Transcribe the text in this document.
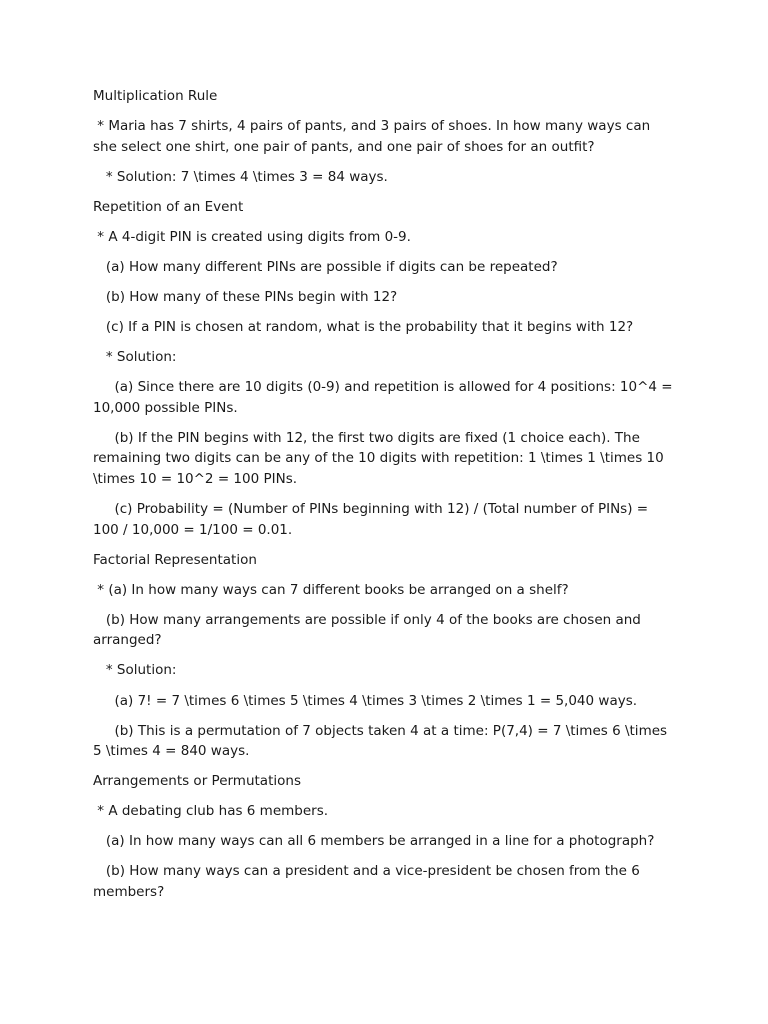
Multiplication Rule

* Maria has 7 shirts, 4 pairs of pants, and 3 pairs of shoes. In how many ways can she select one shirt, one pair of pants, and one pair of shoes for an outfit?

* Solution: 7 \times 4 \times 3 = 84 ways.

Repetition of an Event

* A 4-digit PIN is created using digits from 0-9.

(a) How many different PINs are possible if digits can be repeated?

(b) How many of these PINs begin with 12?

(c) If a PIN is chosen at random, what is the probability that it begins with 12?

* Solution:

(a) Since there are 10 digits (0-9) and repetition is allowed for 4 positions: 10^4 = 10,000 possible PINs.

(b) If the PIN begins with 12, the first two digits are fixed (1 choice each). The remaining two digits can be any of the 10 digits with repetition: 1 \times 1 \times 10 \times 10 = 10^2 = 100 PINs.

(c) Probability = (Number of PINs beginning with 12) / (Total number of PINs) = 100 / 10,000 = 1/100 = 0.01.

Factorial Representation

* (a) In how many ways can 7 different books be arranged on a shelf?

(b) How many arrangements are possible if only 4 of the books are chosen and arranged?

* Solution:

(a) 7! = 7 \times 6 \times 5 \times 4 \times 3 \times 2 \times 1 = 5,040 ways.

(b) This is a permutation of 7 objects taken 4 at a time: P(7,4) = 7 \times 6 \times 5 \times 4 = 840 ways.

Arrangements or Permutations

* A debating club has 6 members.

(a) In how many ways can all 6 members be arranged in a line for a photograph?

(b) How many ways can a president and a vice-president be chosen from the 6 members?
